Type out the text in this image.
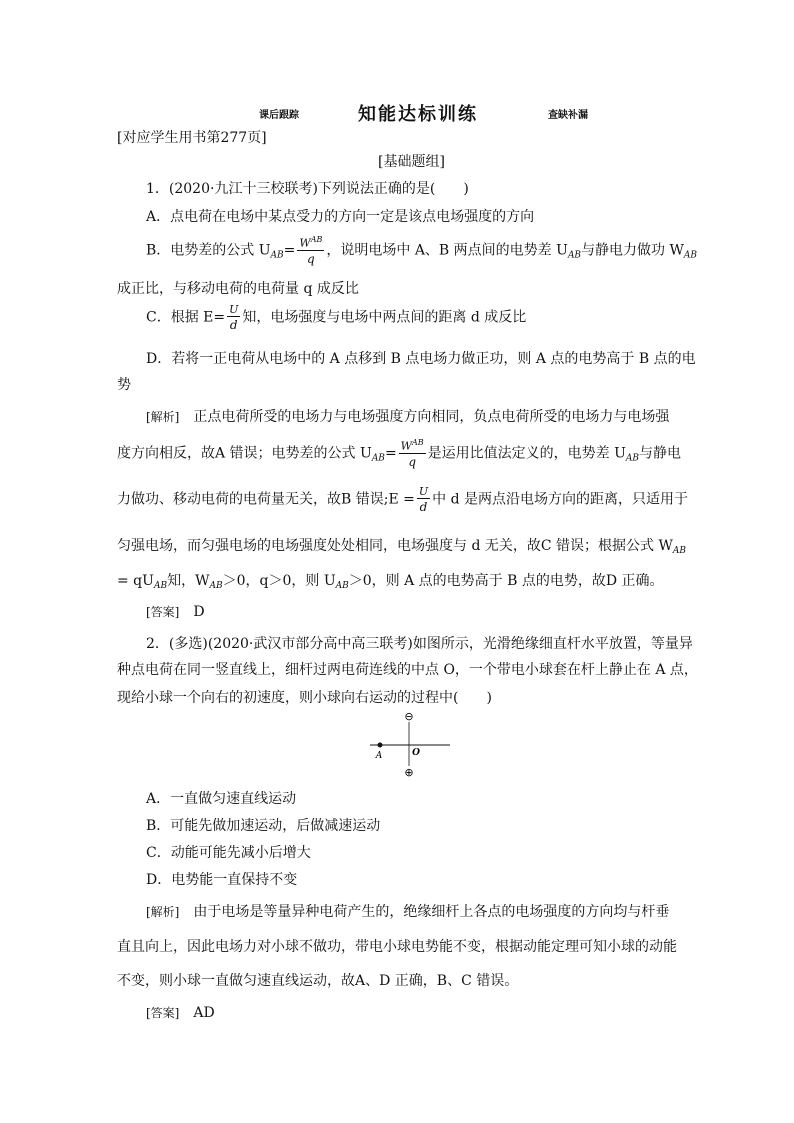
课后跟踪	知能达标训练	查缺补漏
[对应学生用书第277页]
[基础题组]
1．(2020·九江十三校联考)下列说法正确的是(　　)
A．点电荷在电场中某点受力的方向一定是该点电场强度的方向
B．电势差的公式 $U_{AB}= \frac{W^{AB}}{q}$ ，说明电场中 A、B 两点间的电势差 $U_{AB}$与静电力做功 $W_{AB}$
成正比，与移动电荷的电荷量 q 成反比
C．根据 $E= \frac{U}{d}$ 知，电场强度与电场中两点间的距离 d 成反比
D．若将一正电荷从电场中的 A 点移到 B 点电场力做正功，则 A 点的电势高于 B 点的电
势
[解析]  正点电荷所受的电场力与电场强度方向相同，负点电荷所受的电场力与电场强
度方向相反，故A 错误；电势差的公式 $U_{AB}= \frac{W^{AB}}{q}$ 是运用比值法定义的，电势差 $U_{AB}$与静电
力做功、移动电荷的电荷量无关，故B 错误;E = $\frac{U}{d}$ 中 d 是两点沿电场方向的距离，只适用于
匀强电场，而匀强电场的电场强度处处相同，电场强度与 d 无关，故C 错误；根据公式 $W_{AB}$
= $qU_{AB}$知，$W_{AB}>0$，q＞0，则 $U_{AB}>0$，则 A 点的电势高于 B 点的电势，故D 正确。
[答案]  D
2．(多选)(2020·武汉市部分高中高三联考)如图所示，光滑绝缘细直杆水平放置，等量异
种点电荷在同一竖直线上，细杆过两电荷连线的中点 O，一个带电小球套在杆上静止在 A 点，
现给小球一个向右的初速度，则小球向右运动的过程中(　　)
⊖
⊕
A	O
A．一直做匀速直线运动
B．可能先做加速运动，后做减速运动
C．动能可能先减小后增大
D．电势能一直保持不变
[解析]  由于电场是等量异种电荷产生的，绝缘细杆上各点的电场强度的方向均与杆垂
直且向上，因此电场力对小球不做功，带电小球电势能不变，根据动能定理可知小球的动能
不变，则小球一直做匀速直线运动，故A、D 正确，B、C 错误。
[答案]  AD
